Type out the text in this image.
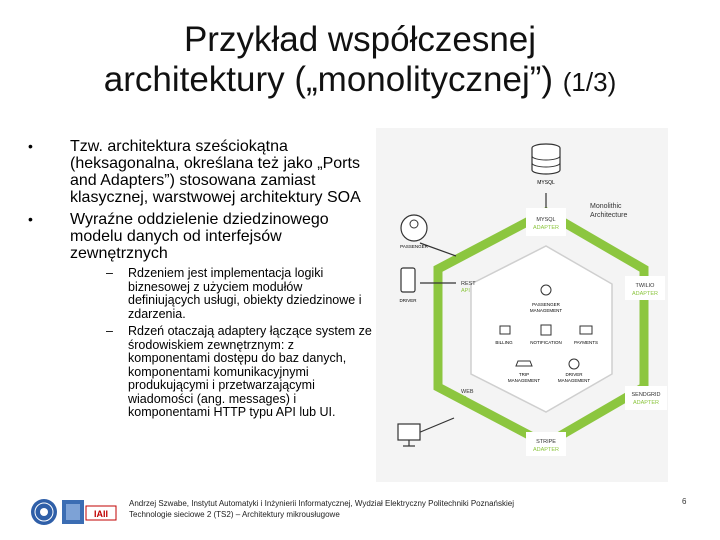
Przykład współczesnej
architektury („monolitycznej”) (1/3)
• Tzw. architektura sześciokątna (heksagonalna, określana też jako „Ports and Adapters”) stosowana zamiast klasycznej, warstwowej architektury SOA
• Wyraźne oddzielenie dziedzinowego modelu danych od interfejsów zewnętrznych
– Rdzeniem jest implementacja logiki biznesowej z użyciem modułów definiujących usługi, obiekty dziedzinowe i zdarzenia.
– Rdzeń otaczają adaptery łączące system ze środowiskiem zewnętrznym: z komponentami dostępu do baz danych, komponentami komunikacyjnymi produkującymi i przetwarzającymi wiadomości (ang. messages) i komponentami HTTP typu API lub UI.
MYSQL
MYSQL
ADAPTER
Monolithic
Architecture
PASSENGER
DRIVER
REST
API
TWILIO
ADAPTER
PASSENGER
MANAGEMENT
BILLING	NOTIFICATION	PAYMENTS
TRIP
MANAGEMENT
DRIVER
MANAGEMENT
WEB
UI
SENDGRID
ADAPTER
STRIPE
ADAPTER
IAII
Andrzej Szwabe, Instytut Automatyki i Inżynierii Informatycznej, Wydział Elektryczny Politechniki Poznańskiej
Technologie sieciowe 2 (TS2) – Architektury mikrousługowe
6
